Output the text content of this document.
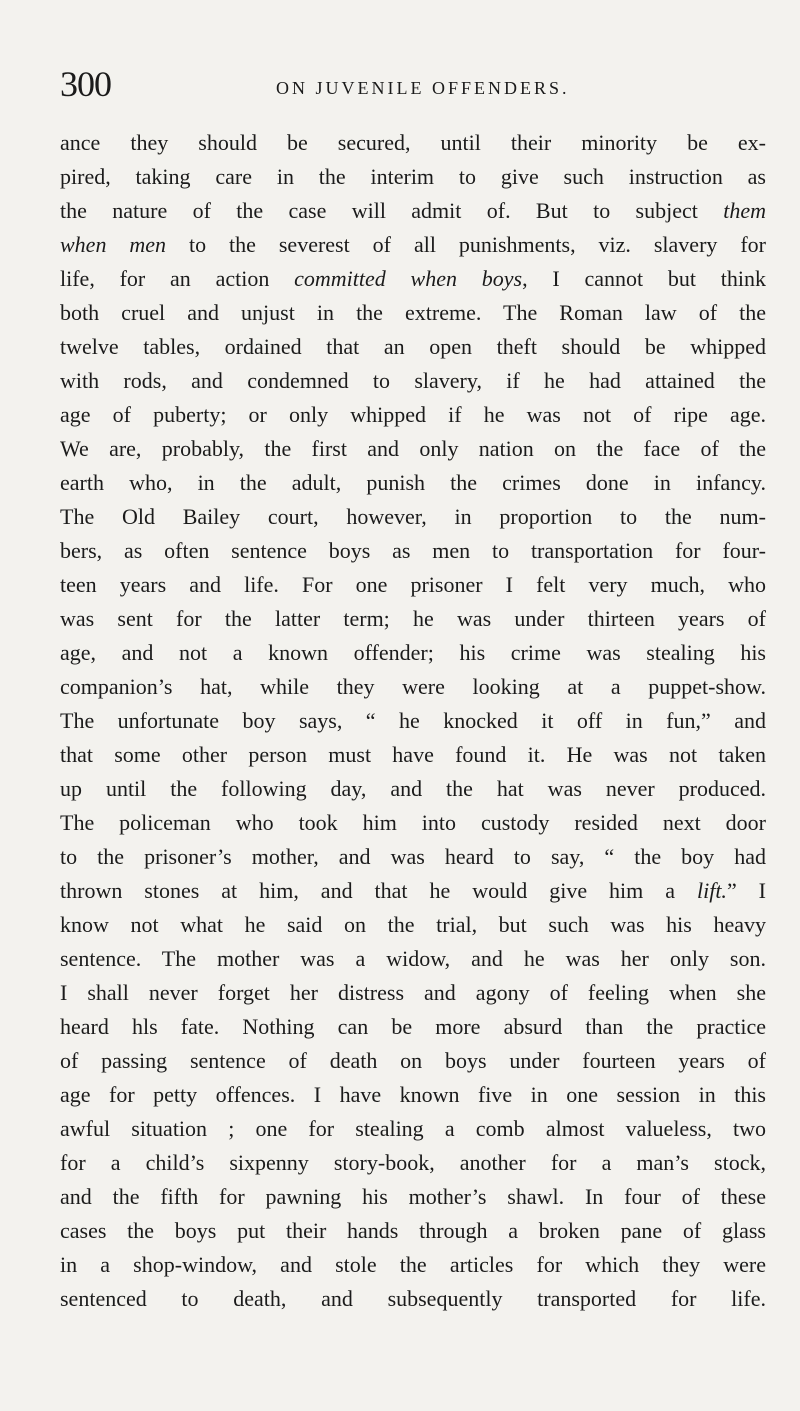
300	ON JUVENILE OFFENDERS.
ance they should be secured, until their minority be ex-
pired, taking care in the interim to give such instruction as
the nature of the case will admit of. But to subject them
when men to the severest of all punishments, viz. slavery for
life, for an action committed when boys, I cannot but think
both cruel and unjust in the extreme. The Roman law of the
twelve tables, ordained that an open theft should be whipped
with rods, and condemned to slavery, if he had attained the
age of puberty; or only whipped if he was not of ripe age.
We are, probably, the first and only nation on the face of the
earth who, in the adult, punish the crimes done in infancy.
The Old Bailey court, however, in proportion to the num-
bers, as often sentence boys as men to transportation for four-
teen years and life. For one prisoner I felt very much, who
was sent for the latter term; he was under thirteen years of
age, and not a known offender; his crime was stealing his
companion’s hat, while they were looking at a puppet-show.
The unfortunate boy says, “ he knocked it off in fun,” and
that some other person must have found it. He was not taken
up until the following day, and the hat was never produced.
The policeman who took him into custody resided next door
to the prisoner’s mother, and was heard to say, “ the boy had
thrown stones at him, and that he would give him a lift.” I
know not what he said on the trial, but such was his heavy
sentence. The mother was a widow, and he was her only son.
I shall never forget her distress and agony of feeling when she
heard hls fate. Nothing can be more absurd than the practice
of passing sentence of death on boys under fourteen years of
age for petty offences. I have known five in one session in this
awful situation ; one for stealing a comb almost valueless, two
for a child’s sixpenny story-book, another for a man’s stock,
and the fifth for pawning his mother’s shawl. In four of these
cases the boys put their hands through a broken pane of glass
in a shop-window, and stole the articles for which they were
sentenced to death, and subsequently transported for life.
